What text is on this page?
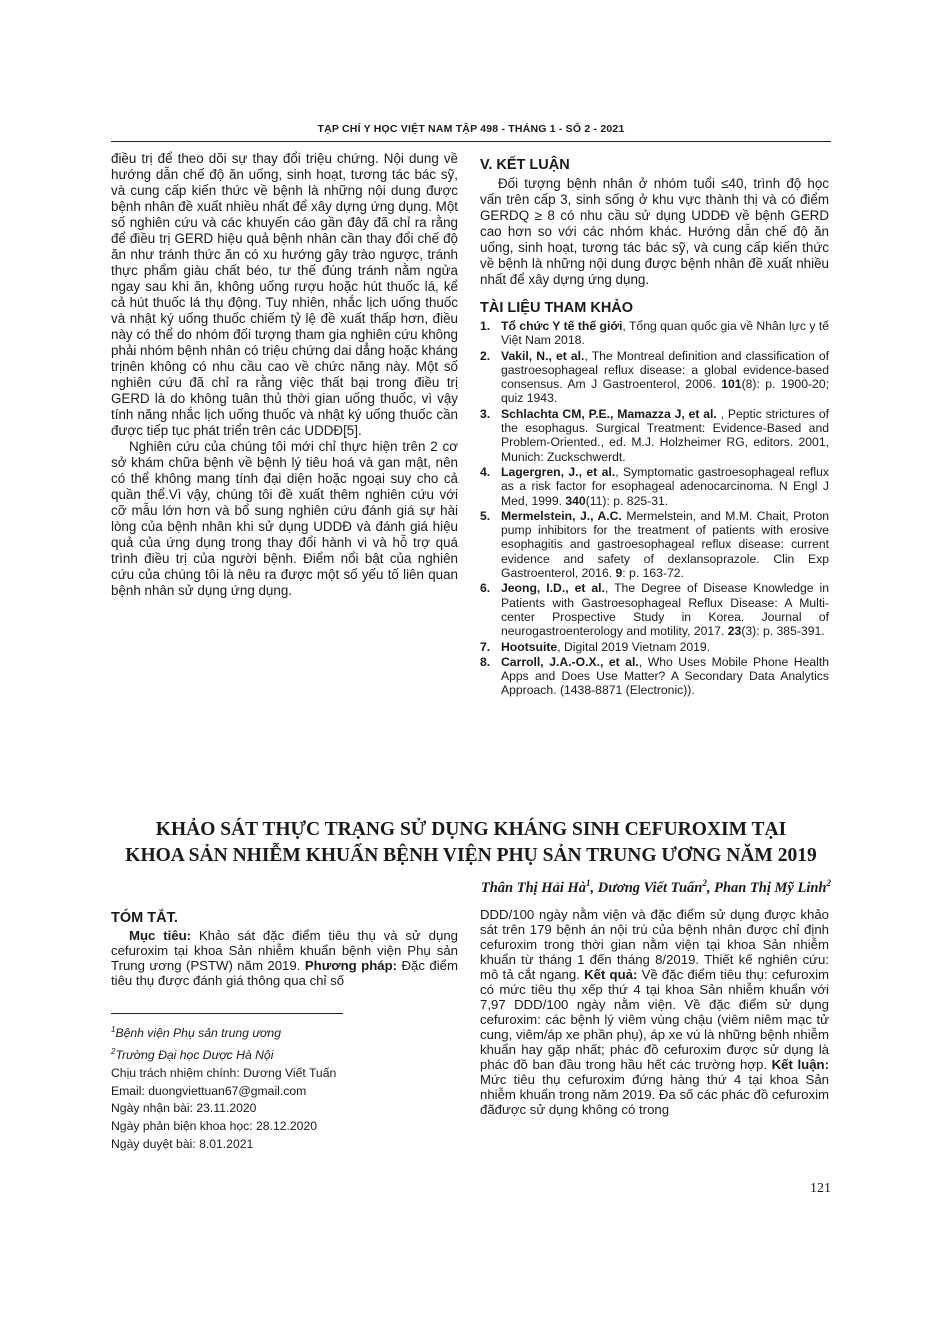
TẠP CHÍ Y HỌC VIỆT NAM TẬP 498 - THÁNG 1 - SỐ 2 - 2021

điều trị để theo dõi sự thay đổi triệu chứng. Nội dung về hướng dẫn chế độ ăn uống, sinh hoạt, tương tác bác sỹ, và cung cấp kiến thức về bệnh là những nội dung được bệnh nhân đề xuất nhiều nhất để xây dựng ứng dụng. Một số nghiên cứu và các khuyến cáo gần đây đã chỉ ra rằng để điều trị GERD hiệu quả bệnh nhân cần thay đổi chế độ ăn như tránh thức ăn có xu hướng gây trào ngược, tránh thực phẩm giàu chất béo, tư thế đúng tránh nằm ngửa ngay sau khi ăn, không uống rượu hoặc hút thuốc lá, kể cả hút thuốc lá thụ động. Tuy nhiên, nhắc lịch uống thuốc và nhật ký uống thuốc chiếm tỷ lệ đề xuất thấp hơn, điều này có thể do nhóm đối tượng tham gia nghiên cứu không phải nhóm bệnh nhân có triệu chứng dai dẳng hoặc kháng trịnên không có nhu cầu cao về chức năng này. Một số nghiên cứu đã chỉ ra rằng việc thất bại trong điều trị GERD là do không tuân thủ thời gian uống thuốc, vì vậy tính năng nhắc lịch uống thuốc và nhật ký uống thuốc cần được tiếp tục phát triển trên các UDDĐ[5].

Nghiên cứu của chúng tôi mới chỉ thực hiện trên 2 cơ sở khám chữa bệnh về bệnh lý tiêu hoá và gan mật, nên có thể không mang tính đại diện hoặc ngoại suy cho cả quần thể.Vì vậy, chúng tôi đề xuất thêm nghiên cứu với cỡ mẫu lớn hơn và bổ sung nghiên cứu đánh giá sự hài lòng của bệnh nhân khi sử dụng UDDĐ và đánh giá hiệu quả của ứng dụng trong thay đổi hành vi và hỗ trợ quá trình điều trị của người bệnh. Điểm nổi bật của nghiên cứu của chúng tôi là nêu ra được một số yếu tố liên quan bệnh nhân sử dụng ứng dụng.

V. KẾT LUẬN

Đối tượng bệnh nhân ở nhóm tuổi ≤40, trình độ học vấn trên cấp 3, sinh sống ở khu vực thành thị và có điểm GERDQ ≥ 8 có nhu cầu sử dụng UDDĐ về bệnh GERD cao hơn so với các nhóm khác. Hướng dẫn chế độ ăn uống, sinh hoạt, tương tác bác sỹ, và cung cấp kiến thức về bệnh là những nội dung được bệnh nhân đề xuất nhiều nhất để xây dựng ứng dụng.

TÀI LIỆU THAM KHẢO
1. Tổ chức Y tế thế giới, Tổng quan quốc gia về Nhân lực y tế Việt Nam 2018.
2. Vakil, N., et al., The Montreal definition and classification of gastroesophageal reflux disease: a global evidence-based consensus. Am J Gastroenterol, 2006. 101(8): p. 1900-20; quiz 1943.
3. Schlachta CM, P.E., Mamazza J, et al. , Peptic strictures of the esophagus. Surgical Treatment: Evidence-Based and Problem-Oriented., ed. M.J. Holzheimer RG, editors. 2001, Munich: Zuckschwerdt.
4. Lagergren, J., et al., Symptomatic gastroesophageal reflux as a risk factor for esophageal adenocarcinoma. N Engl J Med, 1999. 340(11): p. 825-31.
5. Mermelstein, J., A.C. Mermelstein, and M.M. Chait, Proton pump inhibitors for the treatment of patients with erosive esophagitis and gastroesophageal reflux disease: current evidence and safety of dexlansoprazole. Clin Exp Gastroenterol, 2016. 9: p. 163-72.
6. Jeong, I.D., et al., The Degree of Disease Knowledge in Patients with Gastroesophageal Reflux Disease: A Multi-center Prospective Study in Korea. Journal of neurogastroenterology and motility, 2017. 23(3): p. 385-391.
7. Hootsuite, Digital 2019 Vietnam 2019.
8. Carroll, J.A.-O.X., et al., Who Uses Mobile Phone Health Apps and Does Use Matter? A Secondary Data Analytics Approach. (1438-8871 (Electronic)).
KHẢO SÁT THỰC TRẠNG SỬ DỤNG KHÁNG SINH CEFUROXIM TẠI
KHOA SẢN NHIỄM KHUẨN BỆNH VIỆN PHỤ SẢN TRUNG ƯƠNG NĂM 2019
Thân Thị Hải $Hà^1$, Dương Viết Tuấn$^2$, Phan Thị Mỹ Linh$^2$
TÓM TẮT.

Mục tiêu: Khảo sát đặc điểm tiêu thụ và sử dụng cefuroxim tại khoa Sản nhiễm khuẩn bệnh viện Phụ sản Trung ương (PSTW) năm 2019. Phương pháp: Đặc điểm tiêu thụ được đánh giá thông qua chỉ số

DDD/100 ngày nằm viện và đặc điểm sử dụng được khảo sát trên 179 bệnh án nội trú của bệnh nhân được chỉ định cefuroxim trong thời gian nằm viện tại khoa Sản nhiễm khuẩn từ tháng 1 đến tháng 8/2019. Thiết kế nghiên cứu: mô tả cắt ngang. Kết quả: Về đặc điểm tiêu thụ: cefuroxim có mức tiêu thụ xếp thứ 4 tại khoa Sản nhiễm khuẩn với 7,97 DDD/100 ngày nằm viện. Về đặc điểm sử dụng cefuroxim: các bệnh lý viêm vùng chậu (viêm niêm mạc tử cung, viêm/áp xe phần phụ), áp xe vú là những bệnh nhiễm khuẩn hay gặp nhất; phác đồ cefuroxim được sử dụng là phác đồ ban đầu trong hầu hết các trường hợp. Kết luận: Mức tiêu thụ cefuroxim đứng hàng thứ 4 tại khoa Sản nhiễm khuẩn trong năm 2019. Đa số các phác đồ cefuroxim đãđược sử dụng không có trong

$^1$Bệnh viện Phụ sản trung ương
$^2$Trường Đại học Dược Hà Nội
Chịu trách nhiệm chính: Dương Viết Tuấn
Email: duongviettuan67@gmail.com
Ngày nhận bài: 23.11.2020
Ngày phản biện khoa học: 28.12.2020
Ngày duyệt bài: 8.01.2021
121
